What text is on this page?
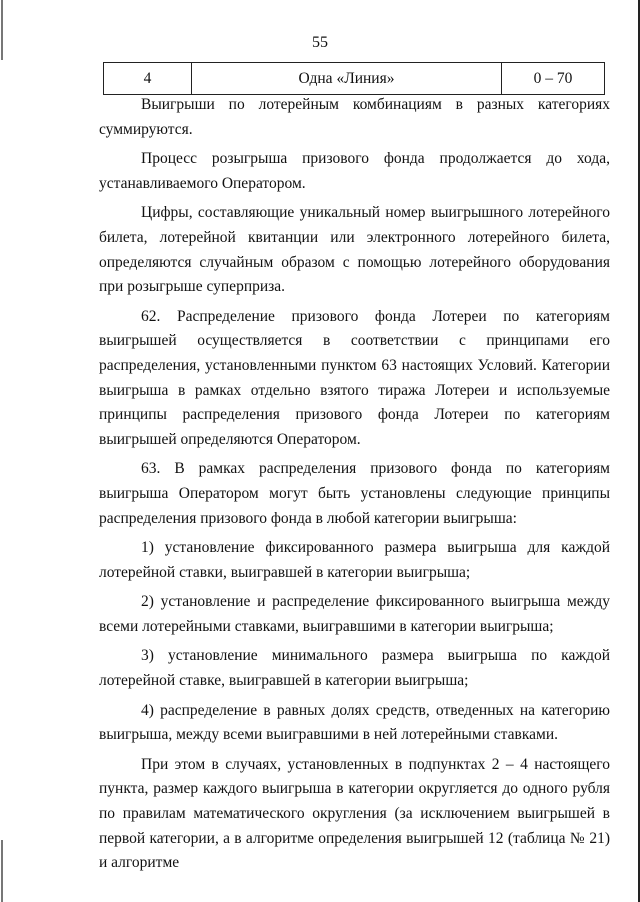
55
4	Одна «Линия»	0 – 70

Выигрыши по лотерейным комбинациям в разных категориях суммируются.

Процесс розыгрыша призового фонда продолжается до хода, устанавливаемого Оператором.

Цифры, составляющие уникальный номер выигрышного лотерейного билета, лотерейной квитанции или электронного лотерейного билета, определяются случайным образом с помощью лотерейного оборудования при розыгрыше суперприза.

62. Распределение призового фонда Лотереи по категориям выигрышей осуществляется в соответствии с принципами его распределения, установленными пунктом 63 настоящих Условий. Категории выигрыша в рамках отдельно взятого тиража Лотереи и используемые принципы распределения призового фонда Лотереи по категориям выигрышей определяются Оператором.

63. В рамках распределения призового фонда по категориям выигрыша Оператором могут быть установлены следующие принципы распределения призового фонда в любой категории выигрыша:

1) установление фиксированного размера выигрыша для каждой лотерейной ставки, выигравшей в категории выигрыша;

2) установление и распределение фиксированного выигрыша между всеми лотерейными ставками, выигравшими в категории выигрыша;

3) установление минимального размера выигрыша по каждой лотерейной ставке, выигравшей в категории выигрыша;

4) распределение в равных долях средств, отведенных на категорию выигрыша, между всеми выигравшими в ней лотерейными ставками.

При этом в случаях, установленных в подпунктах 2 – 4 настоящего пункта, размер каждого выигрыша в категории округляется до одного рубля по правилам математического округления (за исключением выигрышей в первой категории, а в алгоритме определения выигрышей 12 (таблица № 21) и алгоритме
